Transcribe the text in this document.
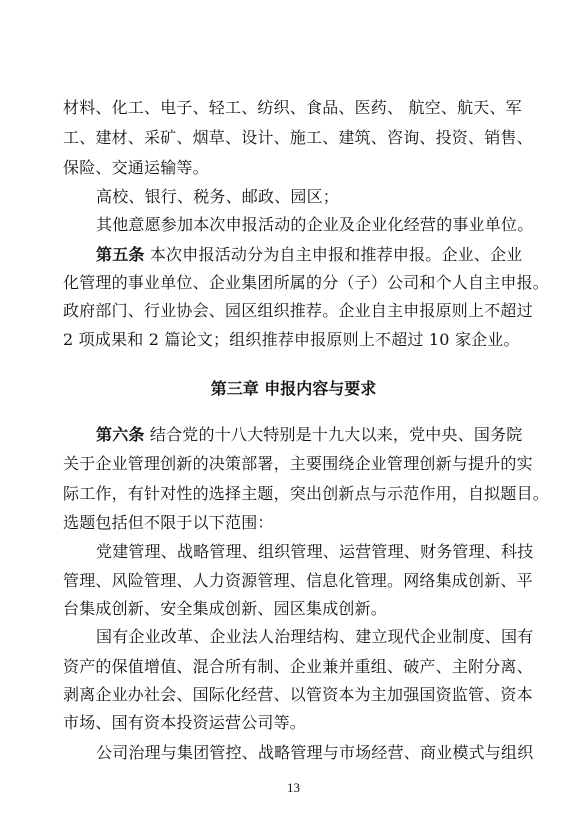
材料、化工、电子、轻工、纺织、食品、医药、 航空、航天、军
工、建材、采矿、烟草、设计、施工、建筑、咨询、投资、销售、
保险、交通运输等。
高校、银行、税务、邮政、园区；
其他意愿参加本次申报活动的企业及企业化经营的事业单位。
第五条 本次申报活动分为自主申报和推荐申报。企业、企业
化管理的事业单位、企业集团所属的分（子）公司和个人自主申报。
政府部门、行业协会、园区组织推荐。企业自主申报原则上不超过
2 项成果和 2 篇论文；组织推荐申报原则上不超过 10 家企业。
第三章 申报内容与要求
第六条 结合党的十八大特别是十九大以来，党中央、国务院
关于企业管理创新的决策部署，主要围绕企业管理创新与提升的实
际工作，有针对性的选择主题，突出创新点与示范作用，自拟题目。
选题包括但不限于以下范围：
党建管理、战略管理、组织管理、运营管理、财务管理、科技
管理、风险管理、人力资源管理、信息化管理。网络集成创新、平
台集成创新、安全集成创新、园区集成创新。
国有企业改革、企业法人治理结构、建立现代企业制度、国有
资产的保值增值、混合所有制、企业兼并重组、破产、主附分离、
剥离企业办社会、国际化经营、以管资本为主加强国资监管、资本
市场、国有资本投资运营公司等。
公司治理与集团管控、战略管理与市场经营、商业模式与组织
13
